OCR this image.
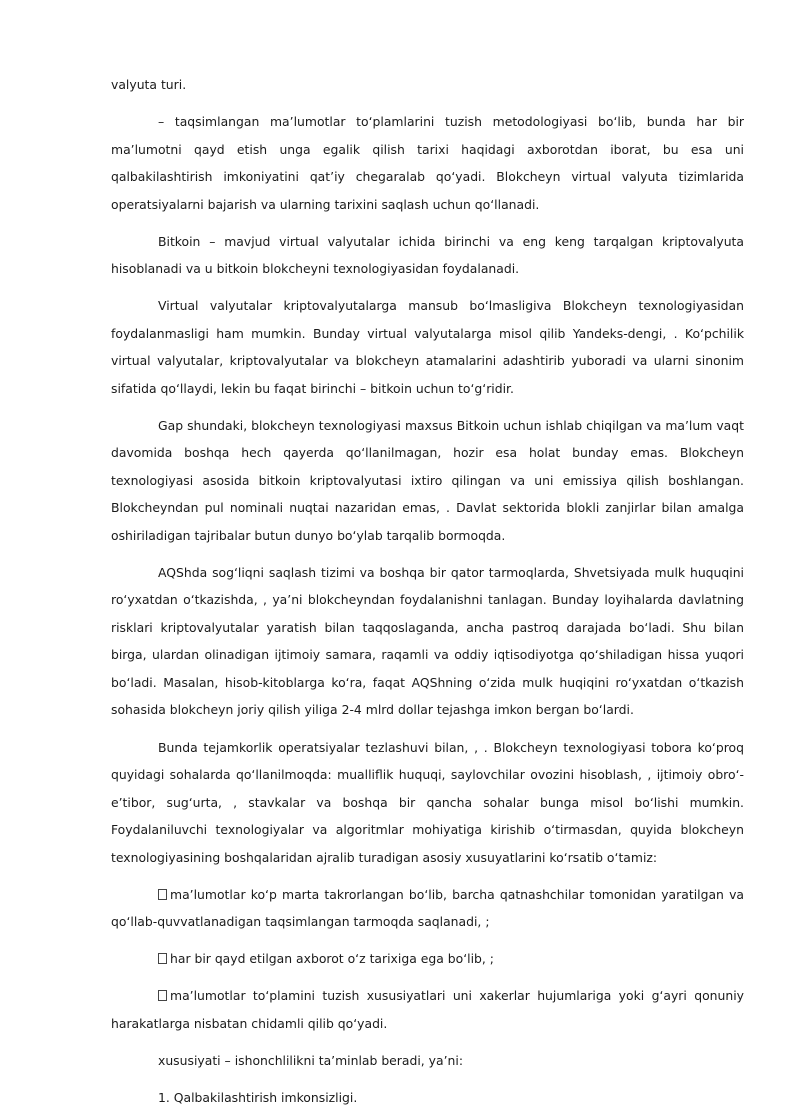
valyuta turi.

– taqsimlangan ma’lumotlar to‘plamlarini tuzish metodologiyasi bo‘lib, bunda har bir ma’lumotni qayd etish unga egalik qilish tarixi haqidagi axborotdan iborat, bu esa uni qalbakilashtirish imkoniyatini qat’iy chegaralab qo‘yadi. Blokcheyn virtual valyuta tizimlarida operatsiyalarni bajarish va ularning tarixini saqlash uchun qo‘llanadi.

Bitkoin – mavjud virtual valyutalar ichida birinchi va eng keng tarqalgan kriptovalyuta hisoblanadi va u bitkoin blokcheyni texnologiyasidan foydalanadi.

Virtual valyutalar kriptovalyutalarga mansub bo‘lmasligiva Blokcheyn texnologiyasidan foydalanmasligi ham mumkin. Bunday virtual valyutalarga misol qilib Yandeks-dengi, . Ko‘pchilik virtual valyutalar, kriptovalyutalar va blokcheyn atamalarini adashtirib yuboradi va ularni sinonim sifatida qo‘llaydi, lekin bu faqat birinchi – bitkoin uchun to‘g‘ridir.

Gap shundaki, blokcheyn texnologiyasi maxsus Bitkoin uchun ishlab chiqilgan va ma’lum vaqt davomida boshqa hech qayerda qo‘llanilmagan, hozir esa holat bunday emas. Blokcheyn texnologiyasi asosida bitkoin kriptovalyutasi ixtiro qilingan va uni emissiya qilish boshlangan. Blokcheyndan pul nominali nuqtai nazaridan emas, . Davlat sektorida blokli zanjirlar bilan amalga oshiriladigan tajribalar butun dunyo bo‘ylab tarqalib bormoqda.

AQShda sog‘liqni saqlash tizimi va boshqa bir qator tarmoqlarda, Shvetsiyada mulk huquqini ro‘yxatdan o‘tkazishda, , ya’ni blokcheyndan foydalanishni tanlagan. Bunday loyihalarda davlatning risklari kriptovalyutalar yaratish bilan taqqoslaganda, ancha pastroq darajada bo‘ladi. Shu bilan birga, ulardan olinadigan ijtimoiy samara, raqamli va oddiy iqtisodiyotga qo‘shiladigan hissa yuqori bo‘ladi. Masalan, hisob-kitoblarga ko‘ra, faqat AQShning o‘zida mulk huqiqini ro‘yxatdan o‘tkazish sohasida blokcheyn joriy qilish yiliga 2-4 mlrd dollar tejashga imkon bergan bo‘lardi.

Bunda tejamkorlik operatsiyalar tezlashuvi bilan, , . Blokcheyn texnologiyasi tobora ko‘proq quyidagi sohalarda qo‘llanilmoqda: mualliflik huquqi, saylovchilar ovozini hisoblash, , ijtimoiy obro‘-e’tibor, sug‘urta, , stavkalar va boshqa bir qancha sohalar bunga misol bo‘lishi mumkin. Foydalaniluvchi texnologiyalar va algoritmlar mohiyatiga kirishib o‘tirmasdan, quyida blokcheyn texnologiyasining boshqalaridan ajralib turadigan asosiy xusuyatlarini ko‘rsatib o‘tamiz:

ma’lumotlar ko‘p marta takrorlangan bo‘lib, barcha qatnashchilar tomonidan yaratilgan va qo‘llab-quvvatlanadigan taqsimlangan tarmoqda saqlanadi, ;

har bir qayd etilgan axborot o‘z tarixiga ega bo‘lib, ;

ma’lumotlar to‘plamini tuzish xususiyatlari uni xakerlar hujumlariga yoki g‘ayri qonuniy harakatlarga nisbatan chidamli qilib qo‘yadi.

xususiyati – ishonchlilikni ta’minlab beradi, ya’ni:

1. Qalbakilashtirish imkonsizligi.
